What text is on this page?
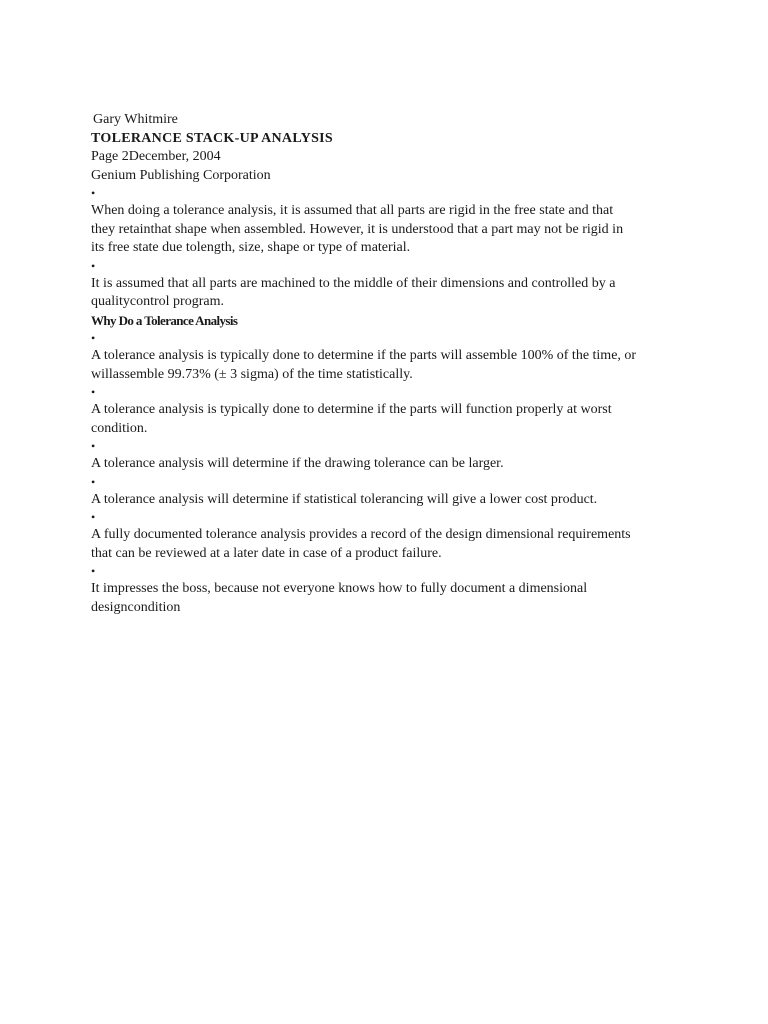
Gary Whitmire
TOLERANCE STACK-UP ANALYSIS
Page 2December, 2004
Genium Publishing Corporation
•
When doing a tolerance analysis, it is assumed that all parts are rigid in the free state and that
they retainthat shape when assembled. However, it is understood that a part may not be rigid in
its free state due tolength, size, shape or type of material.
•
It is assumed that all parts are machined to the middle of their dimensions and controlled by a
qualitycontrol program.
Why Do a Tolerance Analysis
•
A tolerance analysis is typically done to determine if the parts will assemble 100% of the time, or
willassemble 99.73% (± 3 sigma) of the time statistically.
•
A tolerance analysis is typically done to determine if the parts will function properly at worst
condition.
•
A tolerance analysis will determine if the drawing tolerance can be larger.
•
A tolerance analysis will determine if statistical tolerancing will give a lower cost product.
•
A fully documented tolerance analysis provides a record of the design dimensional requirements
that can be reviewed at a later date in case of a product failure.
•
It impresses the boss, because not everyone knows how to fully document a dimensional
designcondition
